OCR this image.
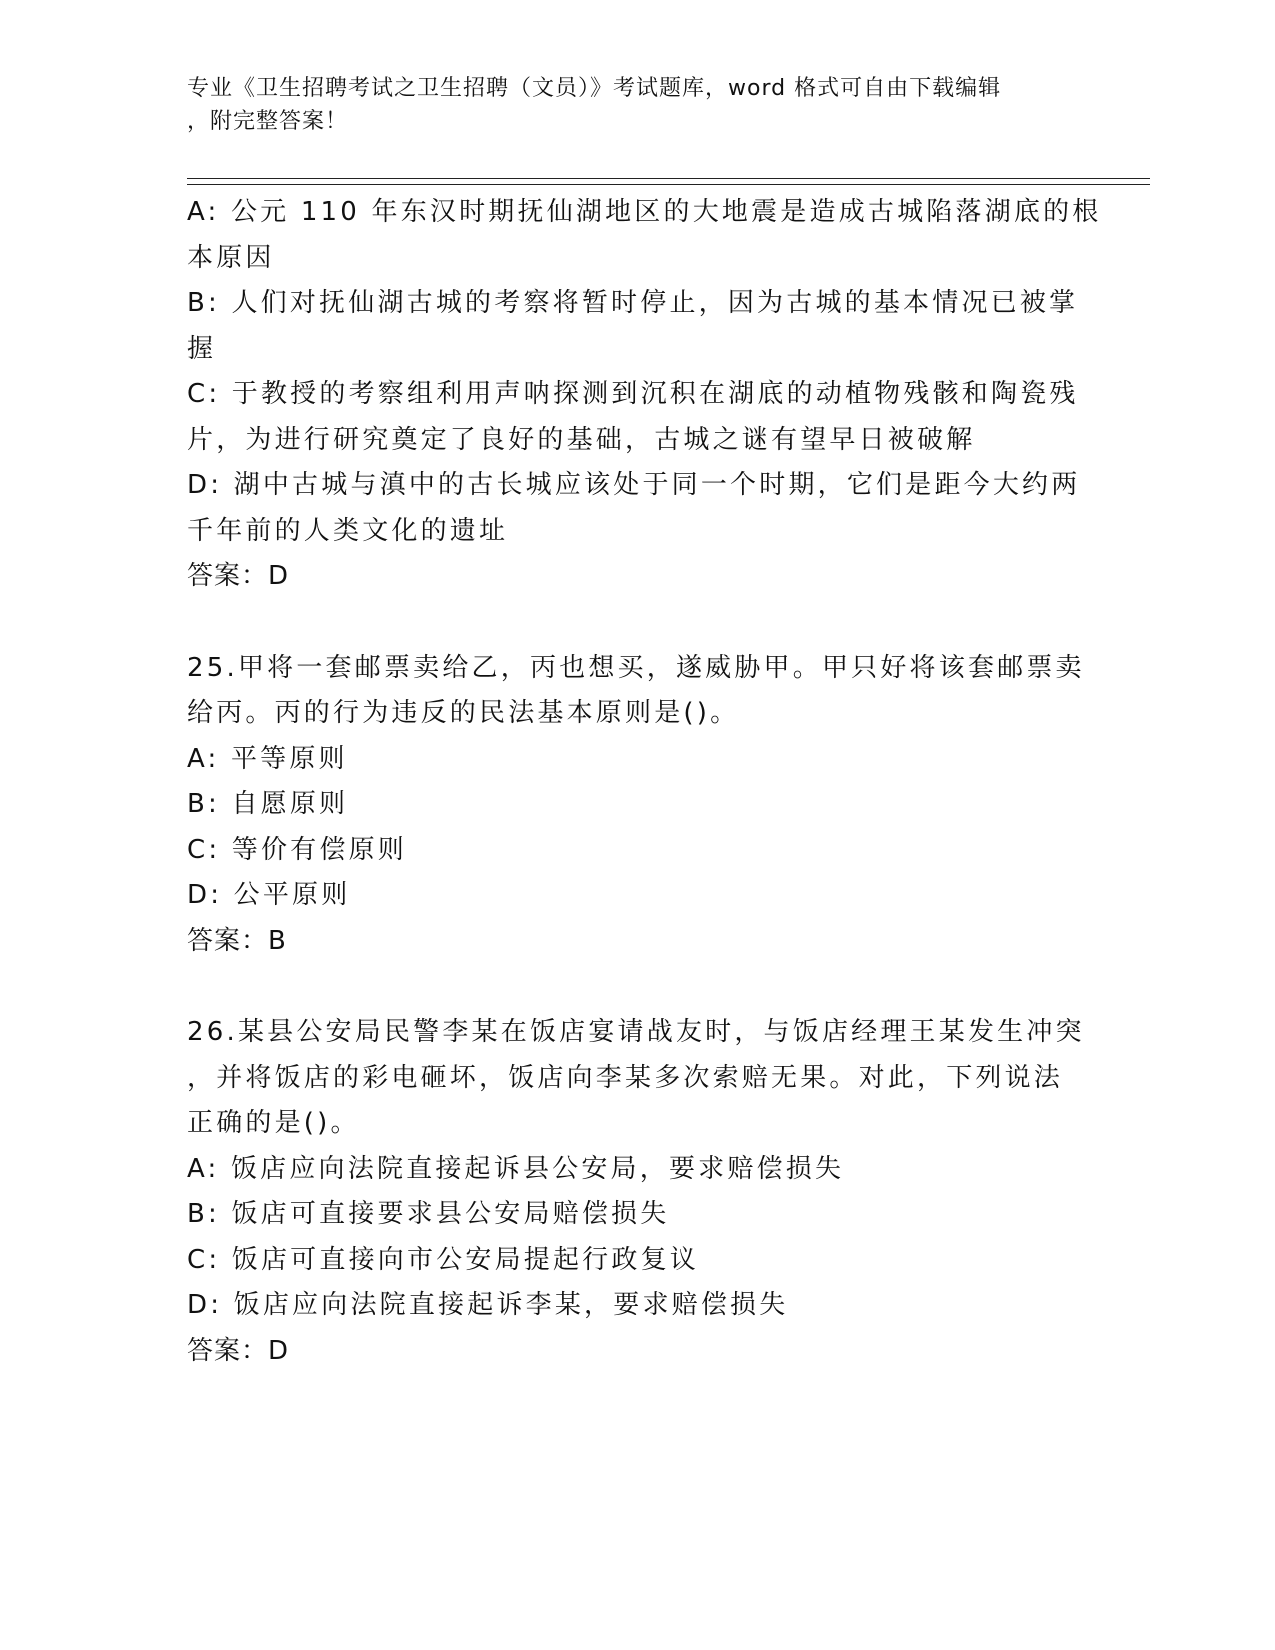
专业《卫生招聘考试之卫生招聘（文员）》考试题库，word 格式可自由下载编辑
，附完整答案！
A: 公元 110 年东汉时期抚仙湖地区的大地震是造成古城陷落湖底的根
本原因
B: 人们对抚仙湖古城的考察将暂时停止，因为古城的基本情况已被掌
握
C: 于教授的考察组利用声呐探测到沉积在湖底的动植物残骸和陶瓷残
片，为进行研究奠定了良好的基础，古城之谜有望早日被破解
D: 湖中古城与滇中的古长城应该处于同一个时期，它们是距今大约两
千年前的人类文化的遗址
答案：D
25.甲将一套邮票卖给乙，丙也想买，遂威胁甲。甲只好将该套邮票卖
给丙。丙的行为违反的民法基本原则是()。
A: 平等原则
B: 自愿原则
C: 等价有偿原则
D: 公平原则
答案：B
26.某县公安局民警李某在饭店宴请战友时，与饭店经理王某发生冲突
，并将饭店的彩电砸坏，饭店向李某多次索赔无果。对此，下列说法
正确的是()。
A: 饭店应向法院直接起诉县公安局，要求赔偿损失
B: 饭店可直接要求县公安局赔偿损失
C: 饭店可直接向市公安局提起行政复议
D: 饭店应向法院直接起诉李某，要求赔偿损失
答案：D
